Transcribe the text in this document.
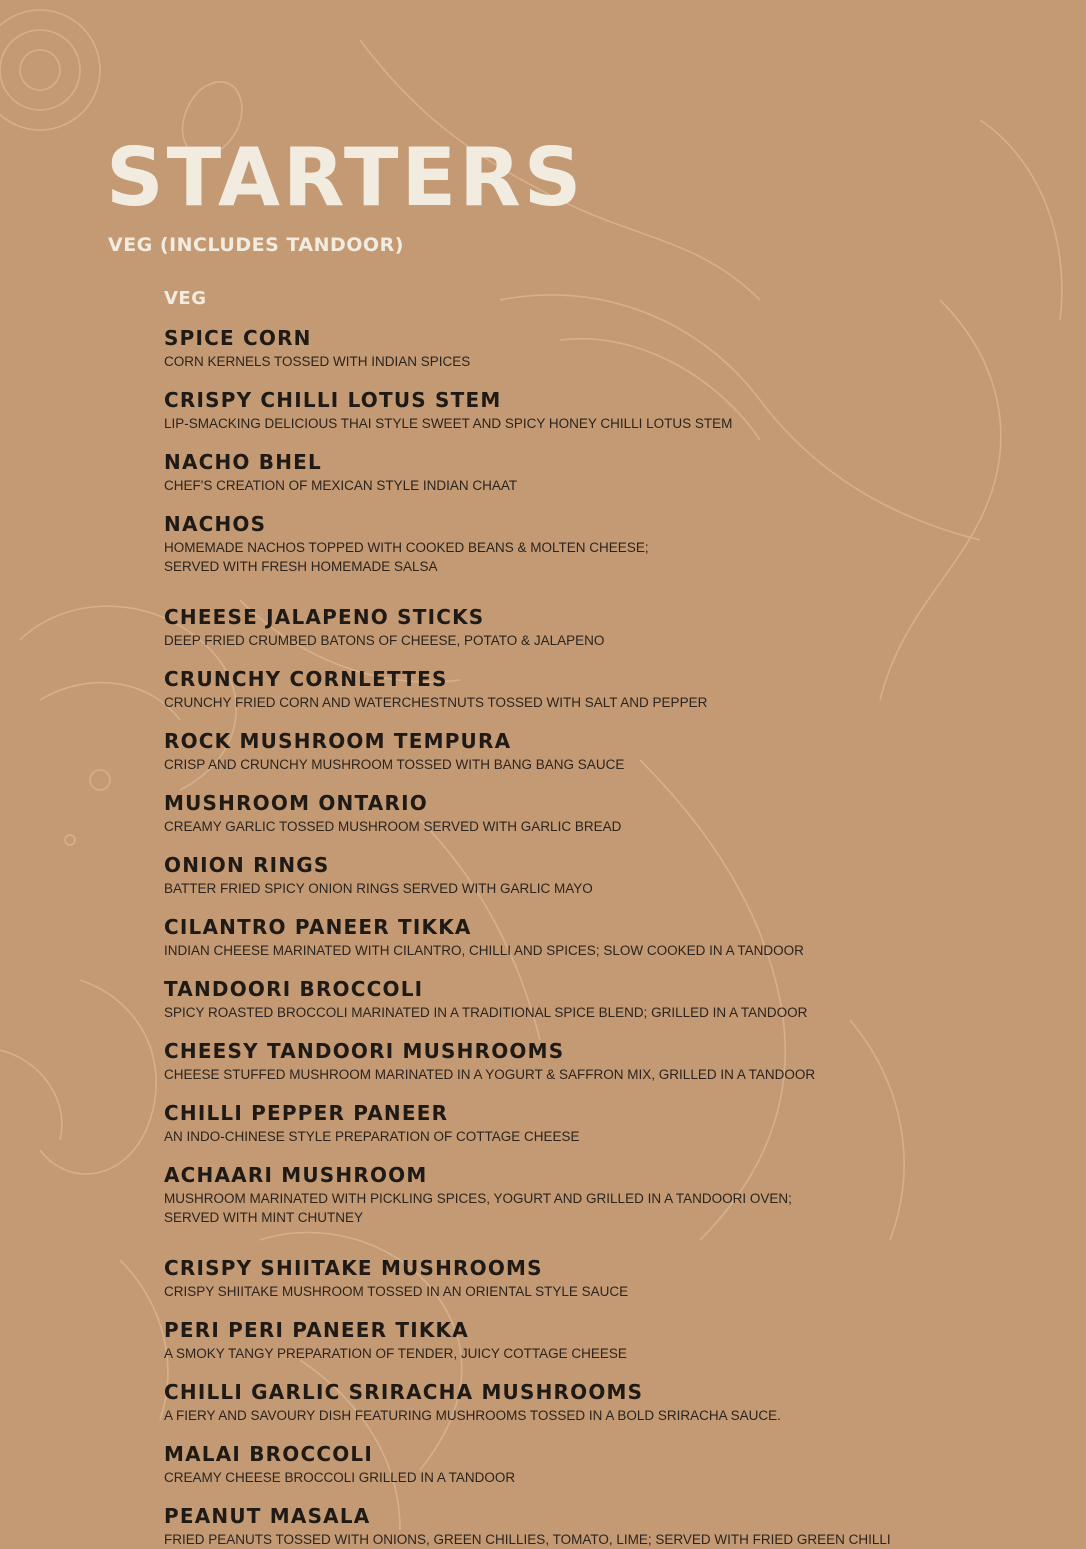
STARTERS
VEG (INCLUDES TANDOOR)
VEG
SPICE CORN
CORN KERNELS TOSSED WITH INDIAN SPICES
CRISPY CHILLI LOTUS STEM
LIP-SMACKING DELICIOUS THAI STYLE SWEET AND SPICY HONEY CHILLI LOTUS STEM
NACHO BHEL
CHEF'S CREATION OF MEXICAN STYLE INDIAN CHAAT
NACHOS
HOMEMADE NACHOS TOPPED WITH COOKED BEANS & MOLTEN CHEESE;
SERVED WITH FRESH HOMEMADE SALSA
CHEESE JALAPENO STICKS
DEEP FRIED CRUMBED BATONS OF CHEESE, POTATO & JALAPENO
CRUNCHY CORNLETTES
CRUNCHY FRIED CORN AND WATERCHESTNUTS TOSSED WITH SALT AND PEPPER
ROCK MUSHROOM TEMPURA
CRISP AND CRUNCHY MUSHROOM TOSSED WITH BANG BANG SAUCE
MUSHROOM ONTARIO
CREAMY GARLIC TOSSED MUSHROOM SERVED WITH GARLIC BREAD
ONION RINGS
BATTER FRIED SPICY ONION RINGS SERVED WITH GARLIC MAYO
CILANTRO PANEER TIKKA
INDIAN CHEESE MARINATED WITH CILANTRO, CHILLI AND SPICES; SLOW COOKED IN A TANDOOR
TANDOORI BROCCOLI
SPICY ROASTED BROCCOLI MARINATED IN A TRADITIONAL SPICE BLEND; GRILLED IN A TANDOOR
CHEESY TANDOORI MUSHROOMS
CHEESE STUFFED MUSHROOM MARINATED IN A YOGURT & SAFFRON MIX, GRILLED IN A TANDOOR
CHILLI PEPPER PANEER
AN INDO-CHINESE STYLE PREPARATION OF COTTAGE CHEESE
ACHAARI MUSHROOM
MUSHROOM MARINATED WITH PICKLING SPICES, YOGURT AND GRILLED IN A TANDOORI OVEN;
SERVED WITH MINT CHUTNEY
CRISPY SHIITAKE MUSHROOMS
CRISPY SHIITAKE MUSHROOM TOSSED IN AN ORIENTAL STYLE SAUCE
PERI PERI PANEER TIKKA
A SMOKY TANGY PREPARATION OF TENDER, JUICY COTTAGE CHEESE
CHILLI GARLIC SRIRACHA MUSHROOMS
A FIERY AND SAVOURY DISH FEATURING MUSHROOMS TOSSED IN A BOLD SRIRACHA SAUCE.
MALAI BROCCOLI
CREAMY CHEESE BROCCOLI GRILLED IN A TANDOOR
PEANUT MASALA
FRIED PEANUTS TOSSED WITH ONIONS, GREEN CHILLIES, TOMATO, LIME; SERVED WITH FRIED GREEN CHILLI
